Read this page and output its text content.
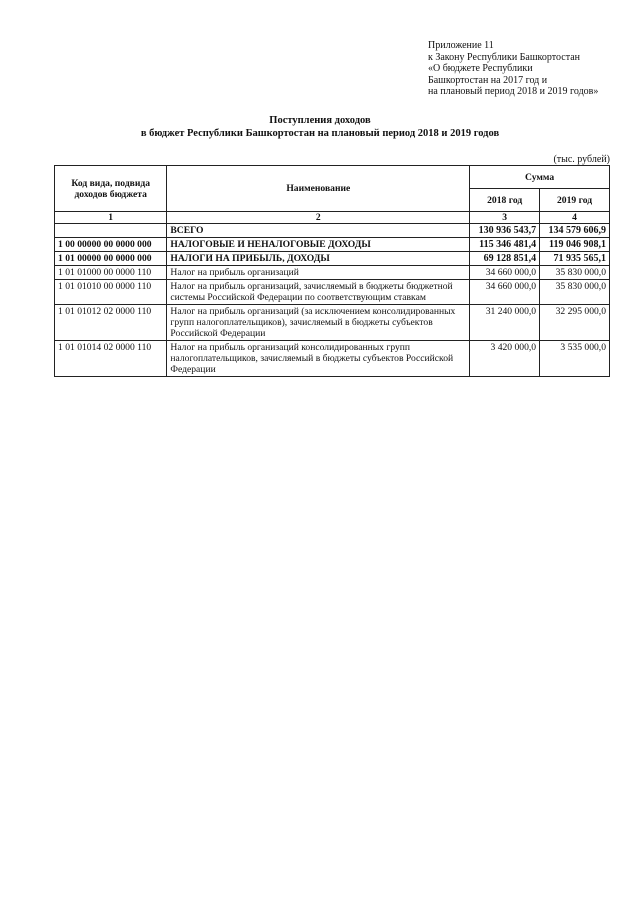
Приложение 11
к Закону Республики Башкортостан
«О бюджете Республики
Башкортостан на 2017 год и
на плановый период 2018 и 2019 годов»
Поступления доходов
в бюджет Республики Башкортостан на плановый период 2018 и 2019 годов
(тыс. рублей)
Код вида, подвида доходов бюджета	Наименование	Сумма	
		2018 год	2019 год
1	2	3	4
	ВСЕГО	130 936 543,7	134 579 606,9
1 00 00000 00 0000 000	НАЛОГОВЫЕ И НЕНАЛОГОВЫЕ ДОХОДЫ	115 346 481,4	119 046 908,1
1 01 00000 00 0000 000	НАЛОГИ НА ПРИБЫЛЬ, ДОХОДЫ	69 128 851,4	71 935 565,1
1 01 01000 00 0000 110	Налог на прибыль организаций	34 660 000,0	35 830 000,0
1 01 01010 00 0000 110	Налог на прибыль организаций, зачисляемый в бюджеты бюджетной системы Российской Федерации по соответствующим ставкам	34 660 000,0	35 830 000,0
1 01 01012 02 0000 110	Налог на прибыль организаций (за исключением консолидированных групп налогоплательщиков), зачисляемый в бюджеты субъектов Российской Федерации	31 240 000,0	32 295 000,0
1 01 01014 02 0000 110	Налог на прибыль организаций консолидированных групп налогоплательщиков, зачисляемый в бюджеты субъектов Российской Федерации	3 420 000,0	3 535 000,0
